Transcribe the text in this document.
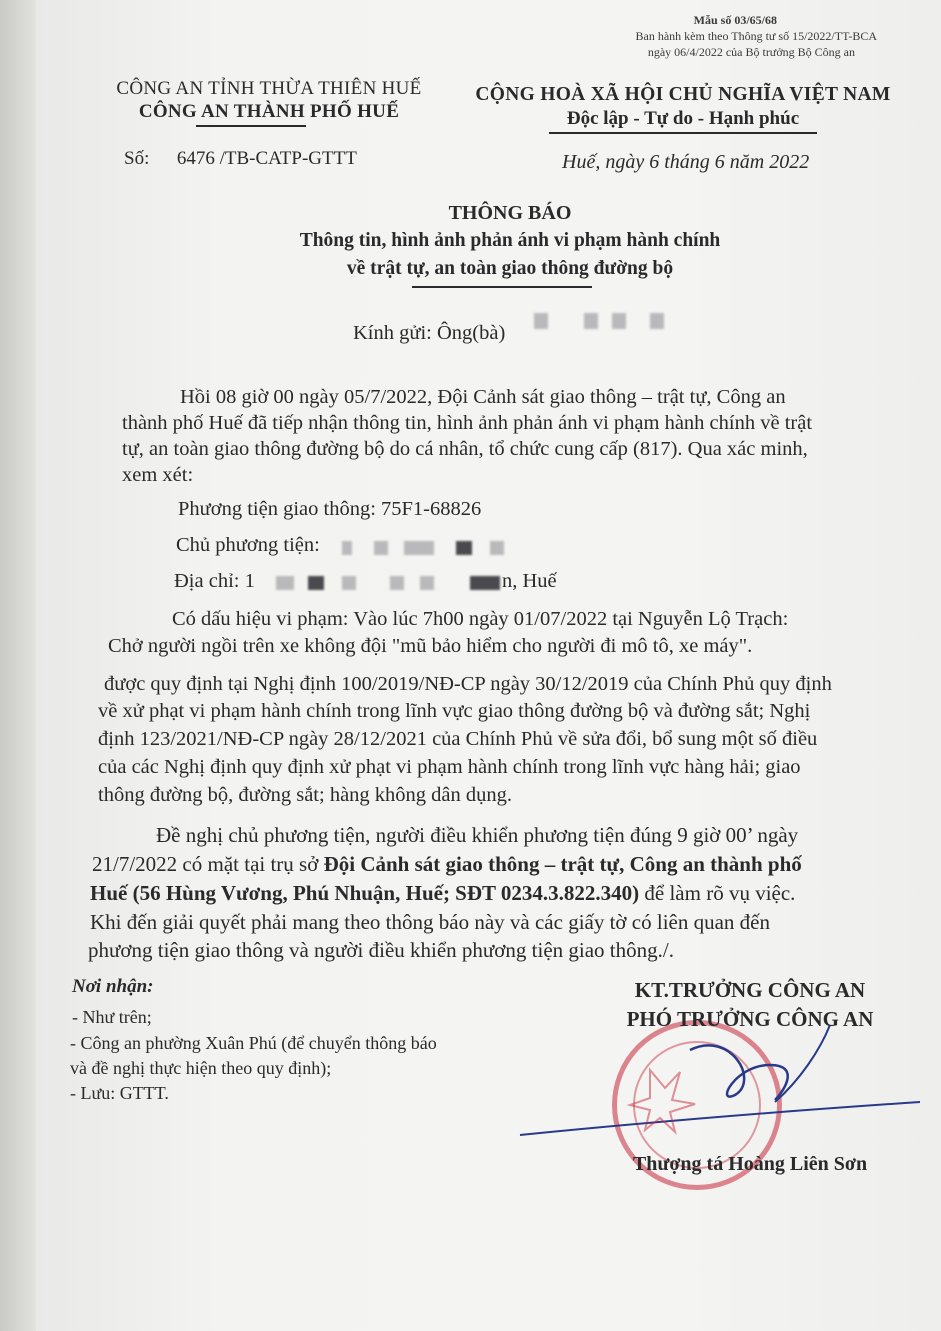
Mẫu số 03/65/68
Ban hành kèm theo Thông tư số 15/2022/TT-BCA
ngày 06/4/2022 của Bộ trưởng Bộ Công an
CÔNG AN TỈNH THỪA THIÊN HUẾ
CÔNG AN THÀNH PHỐ HUẾ
Số: 6476 /TB-CATP-GTTT
CỘNG HOÀ XÃ HỘI CHỦ NGHĨA VIỆT NAM
Độc lập - Tự do - Hạnh phúc
Huế, ngày 6 tháng 6 năm 2022
THÔNG BÁO
Thông tin, hình ảnh phản ánh vi phạm hành chính
về trật tự, an toàn giao thông đường bộ
Kính gửi: Ông(bà)
Hồi 08 giờ 00 ngày 05/7/2022, Đội Cảnh sát giao thông – trật tự, Công an
thành phố Huế đã tiếp nhận thông tin, hình ảnh phản ánh vi phạm hành chính về trật
tự, an toàn giao thông đường bộ do cá nhân, tổ chức cung cấp (817). Qua xác minh,
xem xét:
Phương tiện giao thông: 75F1-68826
Chủ phương tiện:
Địa chỉ: 1	n, Huế
Có dấu hiệu vi phạm: Vào lúc 7h00 ngày 01/07/2022 tại Nguyễn Lộ Trạch:
Chở người ngồi trên xe không đội "mũ bảo hiểm cho người đi mô tô, xe máy".
được quy định tại Nghị định 100/2019/NĐ-CP ngày 30/12/2019 của Chính Phủ quy định
về xử phạt vi phạm hành chính trong lĩnh vực giao thông đường bộ và đường sắt; Nghị
định 123/2021/NĐ-CP ngày 28/12/2021 của Chính Phủ về sửa đổi, bổ sung một số điều
của các Nghị định quy định xử phạt vi phạm hành chính trong lĩnh vực hàng hải; giao
thông đường bộ, đường sắt; hàng không dân dụng.
Đề nghị chủ phương tiện, người điều khiển phương tiện đúng 9 giờ 00’ ngày
21/7/2022 có mặt tại trụ sở Đội Cảnh sát giao thông – trật tự, Công an thành phố
Huế (56 Hùng Vương, Phú Nhuận, Huế; SĐT 0234.3.822.340) để làm rõ vụ việc.
Khi đến giải quyết phải mang theo thông báo này và các giấy tờ có liên quan đến
phương tiện giao thông và người điều khiển phương tiện giao thông./.
Nơi nhận:
- Như trên;
- Công an phường Xuân Phú (để chuyển thông báo
và đề nghị thực hiện theo quy định);
- Lưu: GTTT.
KT.TRƯỞNG CÔNG AN
PHÓ TRƯỞNG CÔNG AN
Thượng tá Hoàng Liên Sơn
